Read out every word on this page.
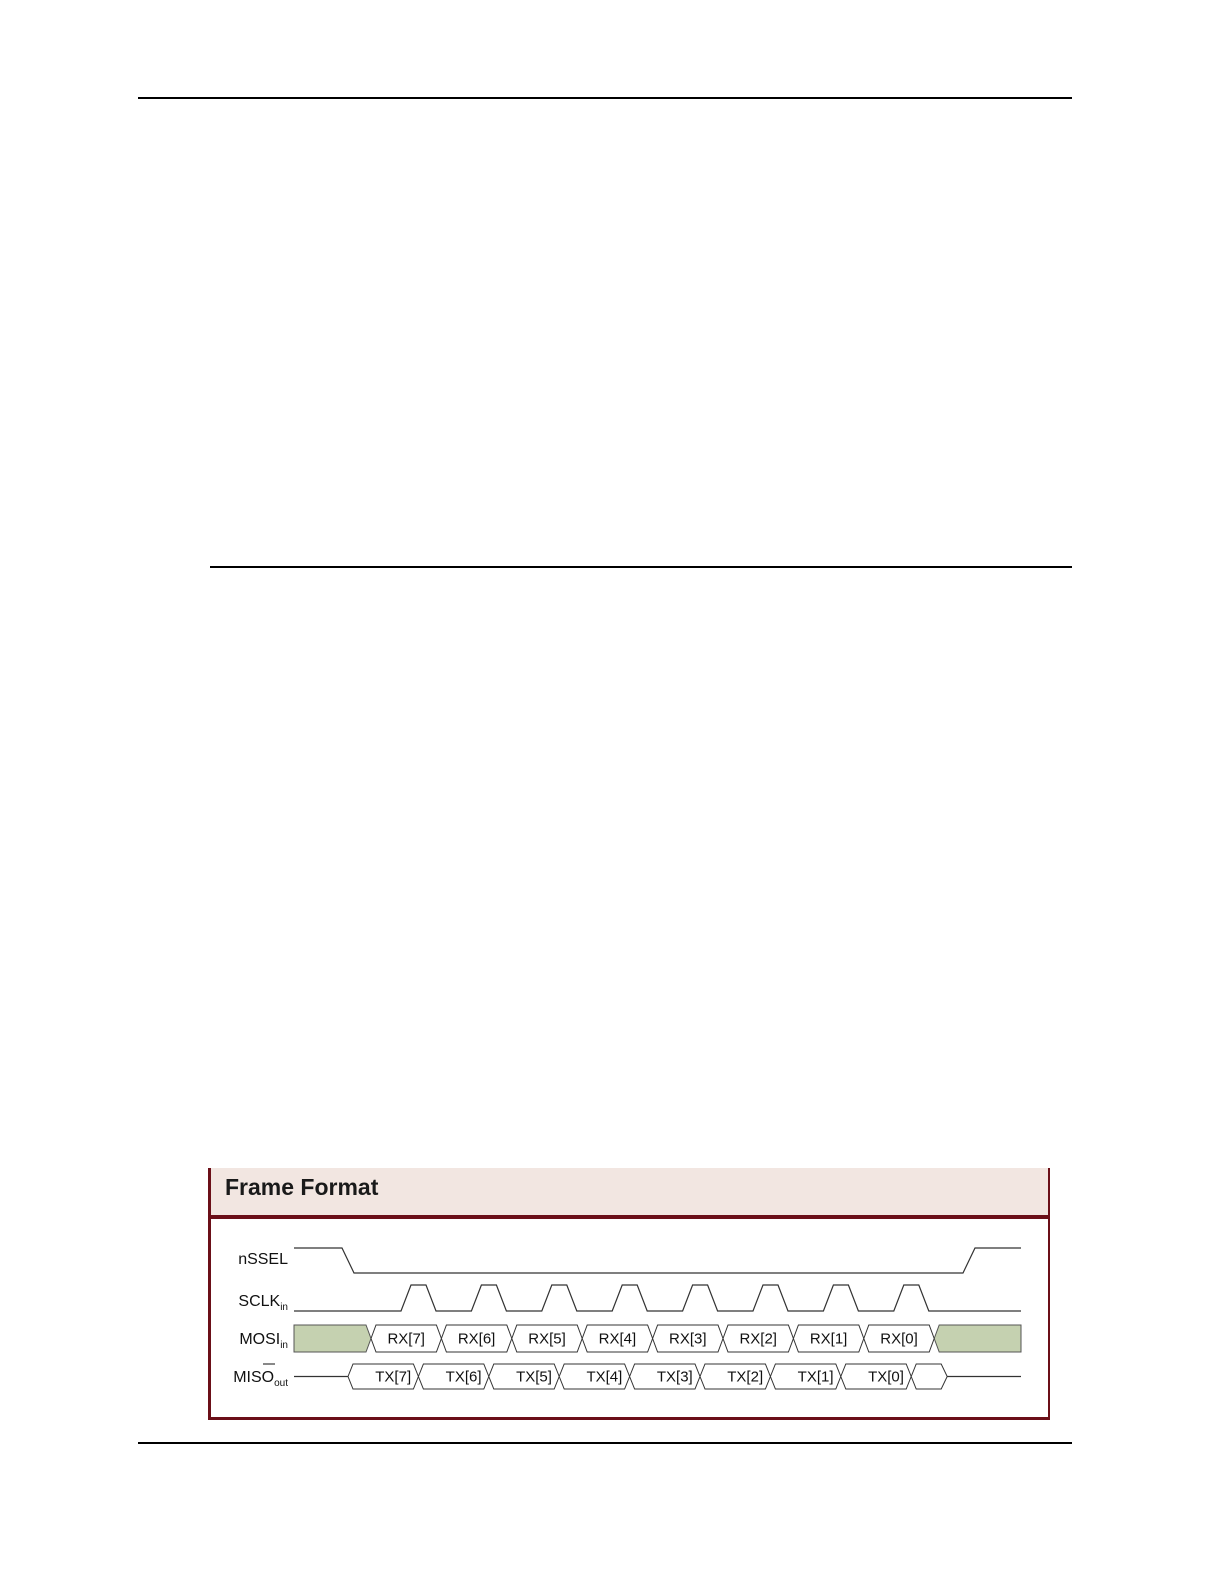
Frame Format
nSSEL
$SCLK_{in}$
$MOSI_{in}$
$MISO_{out}$
RX[7] RX[6] RX[5] RX[4] RX[3] RX[2] RX[1] RX[0]
TX[7] TX[6] TX[5] TX[4] TX[3] TX[2] TX[1] TX[0]
